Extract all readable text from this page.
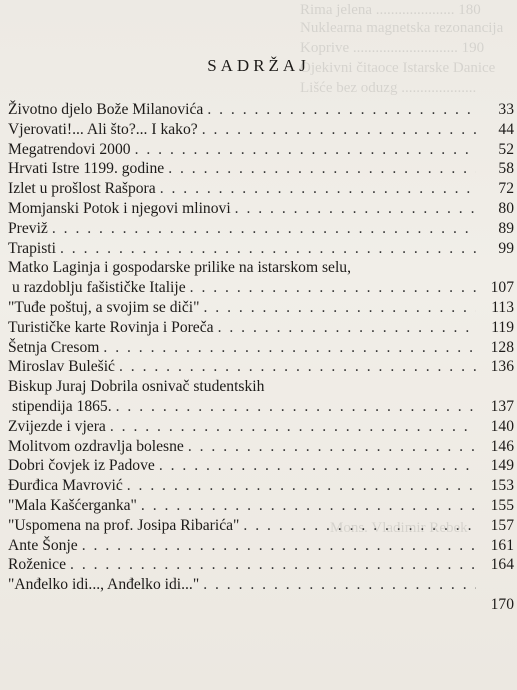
SADRŽAJ
Životno djelo Bože Milanovića . . .	33
Vjerovati!... Ali što?... I kako? . . .	44
Megatrendovi 2000 . . .	52
Hrvati Istre 1199. godine . . .	58
Izlet u prošlost Rašpora . . .	72
Momjanski Potok i njegovi mlinovi . . .	80
Previž . . .	89
Trapisti . . .	99
Matko Laginja i gospodarske prilike na istarskom selu,
u razdoblju fašističke Italije . . .	107
"Tuđe poštuj, a svojim se diči" . . .	113
Turističke karte Rovinja i Poreča . . .	119
Šetnja Cresom . . .	128
Miroslav Bulešić . . .	136
Biskup Juraj Dobrila osnivač studentskih
stipendija 1865. . . .	137
Zvijezde i vjera . . .	140
Molitvom ozdravlja bolesne . . .	146
Dobri čovjek iz Padove . . .	149
Đurđica Mavrović . . .	153
"Mala Kašćerganka" . . .	155
"Uspomena na prof. Josipa Ribarića" . . .	157
Ante Šonje . . .	161
Roženice . . .	164
"Anđelko idi..., Anđelko idi..."
. . .
170
